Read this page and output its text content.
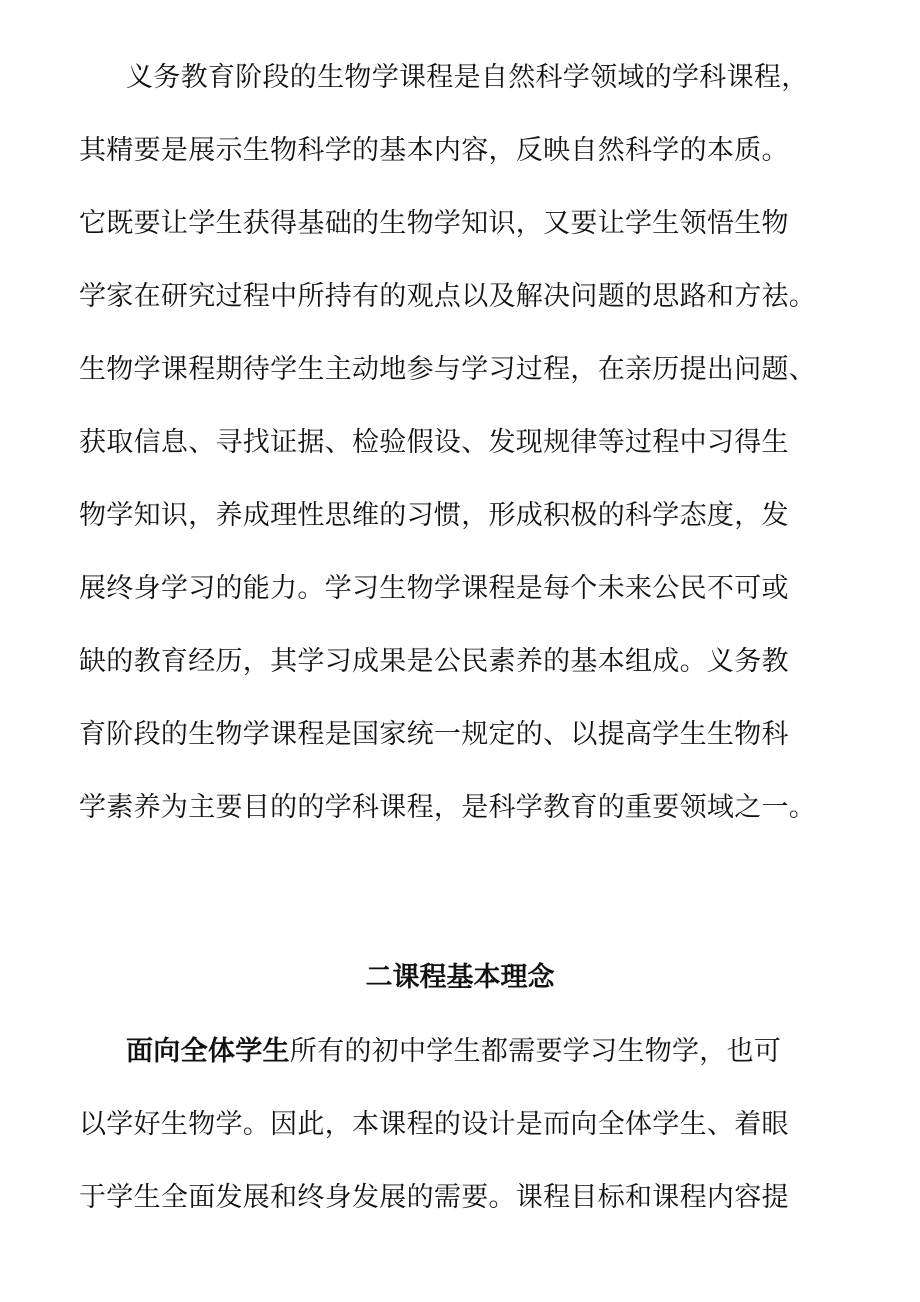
义务教育阶段的生物学课程是自然科学领域的学科课程，
其精要是展示生物科学的基本内容，反映自然科学的本质。
它既要让学生获得基础的生物学知识，又要让学生领悟生物
学家在研究过程中所持有的观点以及解决问题的思路和方祛。
生物学课程期待学生主动地参与学习过程，在亲历提出问题、
获取信息、寻找证据、检验假设、发现规律等过程中习得生
物学知识，养成理性思维的习惯，形成积极的科学态度，发
展终身学习的能力。学习生物学课程是每个未来公民不可或
缺的教育经历，其学习成果是公民素养的基本组成。义务教
育阶段的生物学课程是国家统一规定的、以提高学生生物科
学素养为主要目的的学科课程，是科学教育的重要领域之一。
二课程基本理念
面向全体学生所有的初中学生都需要学习生物学，也可
以学好生物学。因此，本课程的设计是而向全体学生、着眼
于学生全面发展和终身发展的需要。课程目标和课程内容提
